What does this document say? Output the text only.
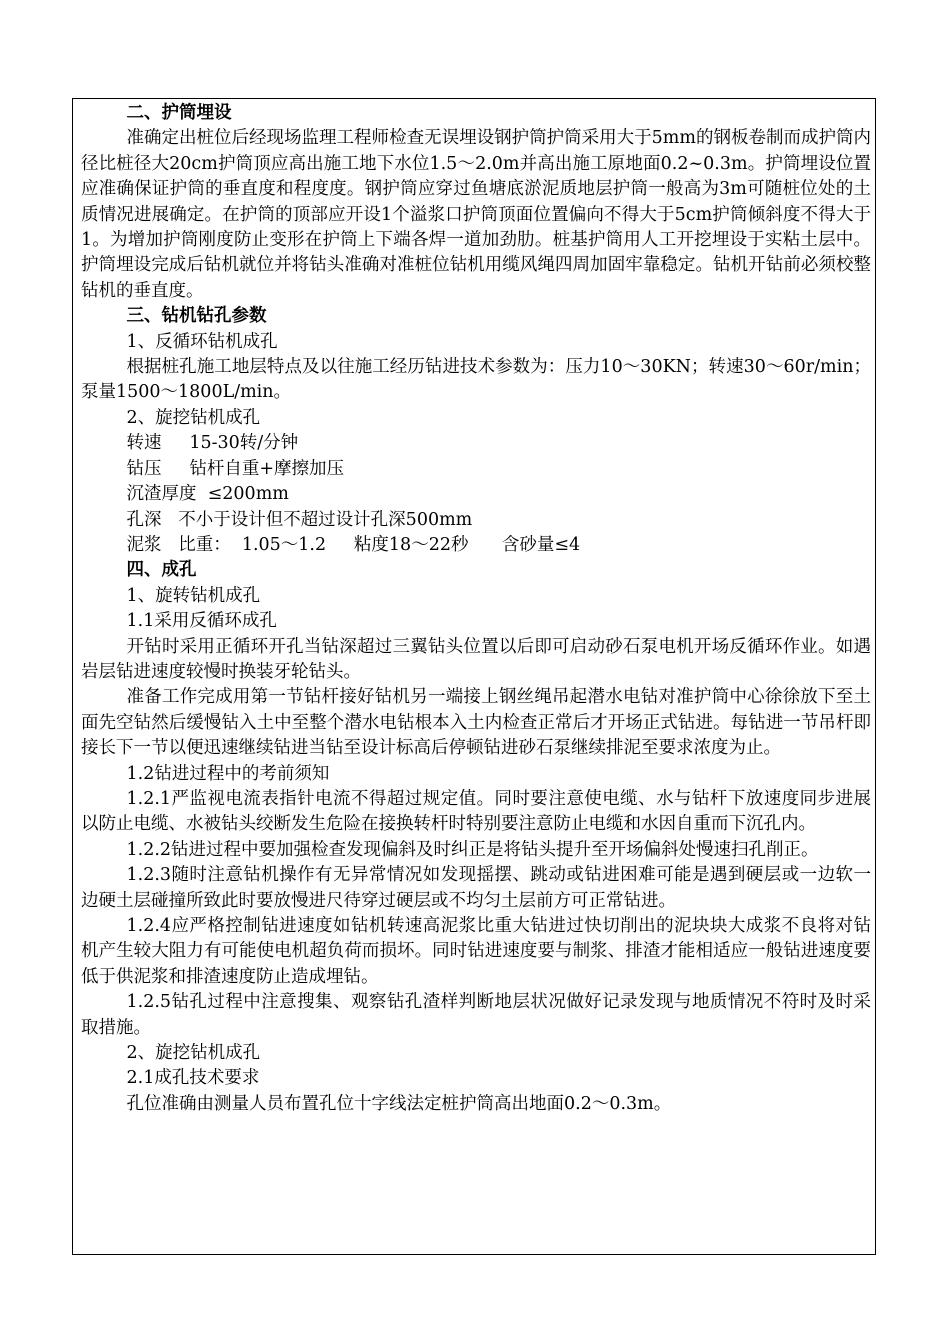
二、护筒埋设

准确定出桩位后经现场监理工程师检查无误埋设钢护筒护筒采用大于5mm的钢板卷制而成护筒内径比桩径大20cm护筒顶应高出施工地下水位1.5～2.0m并高出施工原地面0.2~0.3m。护筒埋设位置应准确保证护筒的垂直度和程度度。钢护筒应穿过鱼塘底淤泥质地层护筒一般高为3m可随桩位处的土质情况进展确定。在护筒的顶部应开设1个溢浆口护筒顶面位置偏向不得大于5cm护筒倾斜度不得大于1。为增加护筒刚度防止变形在护筒上下端各焊一道加劲肋。桩基护筒用人工开挖埋设于实粘土层中。护筒埋设完成后钻机就位并将钻头准确对准桩位钻机用缆风绳四周加固牢靠稳定。钻机开钻前必须校整钻机的垂直度。

三、钻机钻孔参数

1、反循环钻机成孔

根据桩孔施工地层特点及以往施工经历钻进技术参数为：压力10～30KN；转速30～60r/min；泵量1500～1800L/min。

2、旋挖钻机成孔

转速     15-30转/分钟

钻压     钻杆自重+摩擦加压

沉渣厚度  ≤200mm

孔深   不小于设计但不超过设计孔深500mm

泥浆   比重：  1.05～1.2     粘度18～22秒      含砂量≤4

四、成孔

1、旋转钻机成孔

1.1采用反循环成孔

开钻时采用正循环开孔当钻深超过三翼钻头位置以后即可启动砂石泵电机开场反循环作业。如遇岩层钻进速度较慢时换装牙轮钻头。

准备工作完成用第一节钻杆接好钻机另一端接上钢丝绳吊起潜水电钻对准护筒中心徐徐放下至土面先空钻然后缓慢钻入土中至整个潜水电钻根本入土内检查正常后才开场正式钻进。每钻进一节吊杆即接长下一节以便迅速继续钻进当钻至设计标高后停顿钻进砂石泵继续排泥至要求浓度为止。

1.2钻进过程中的考前须知

1.2.1严监视电流表指针电流不得超过规定值。同时要注意使电缆、水与钻杆下放速度同步进展以防止电缆、水被钻头绞断发生危险在接换转杆时特别要注意防止电缆和水因自重而下沉孔内。

1.2.2钻进过程中要加强检查发现偏斜及时纠正是将钻头提升至开场偏斜处慢速扫孔削正。

1.2.3随时注意钻机操作有无异常情况如发现摇摆、跳动或钻进困难可能是遇到硬层或一边软一边硬土层碰撞所致此时要放慢进尺待穿过硬层或不均匀土层前方可正常钻进。

1.2.4应严格控制钻进速度如钻机转速高泥浆比重大钻进过快切削出的泥块块大成浆不良将对钻机产生较大阻力有可能使电机超负荷而损坏。同时钻进速度要与制浆、排渣才能相适应一般钻进速度要低于供泥浆和排渣速度防止造成埋钻。

1.2.5钻孔过程中注意搜集、观察钻孔渣样判断地层状况做好记录发现与地质情况不符时及时采取措施。

2、旋挖钻机成孔

2.1成孔技术要求

孔位准确由测量人员布置孔位十字线法定桩护筒高出地面0.2～0.3m。
